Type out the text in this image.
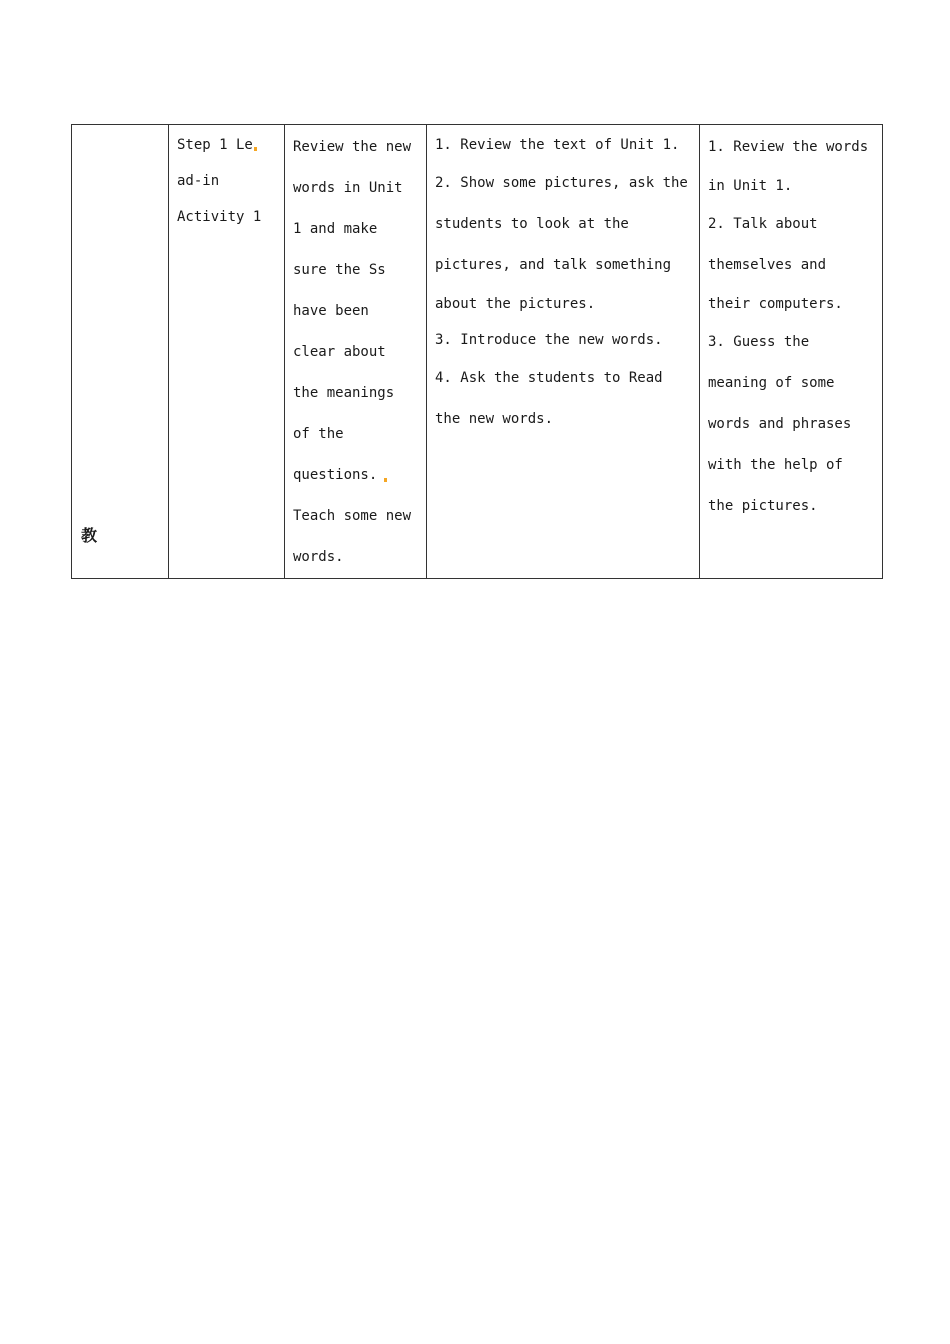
教

Step 1 Le
ad-in
Activity 1

Review the new
words in Unit
1 and make
sure the Ss
have been
clear about
the meanings
of the
questions.
Teach some new
words.

1. Review the text of Unit 1.
2. Show some pictures, ask the
students to look at the
pictures, and talk something
about the pictures.
3. Introduce the new words.
4. Ask the students to Read
the new words.

1. Review the words
in Unit 1.
2. Talk about
themselves and
their computers.
3. Guess the
meaning of some
words and phrases
with the help of
the pictures.
